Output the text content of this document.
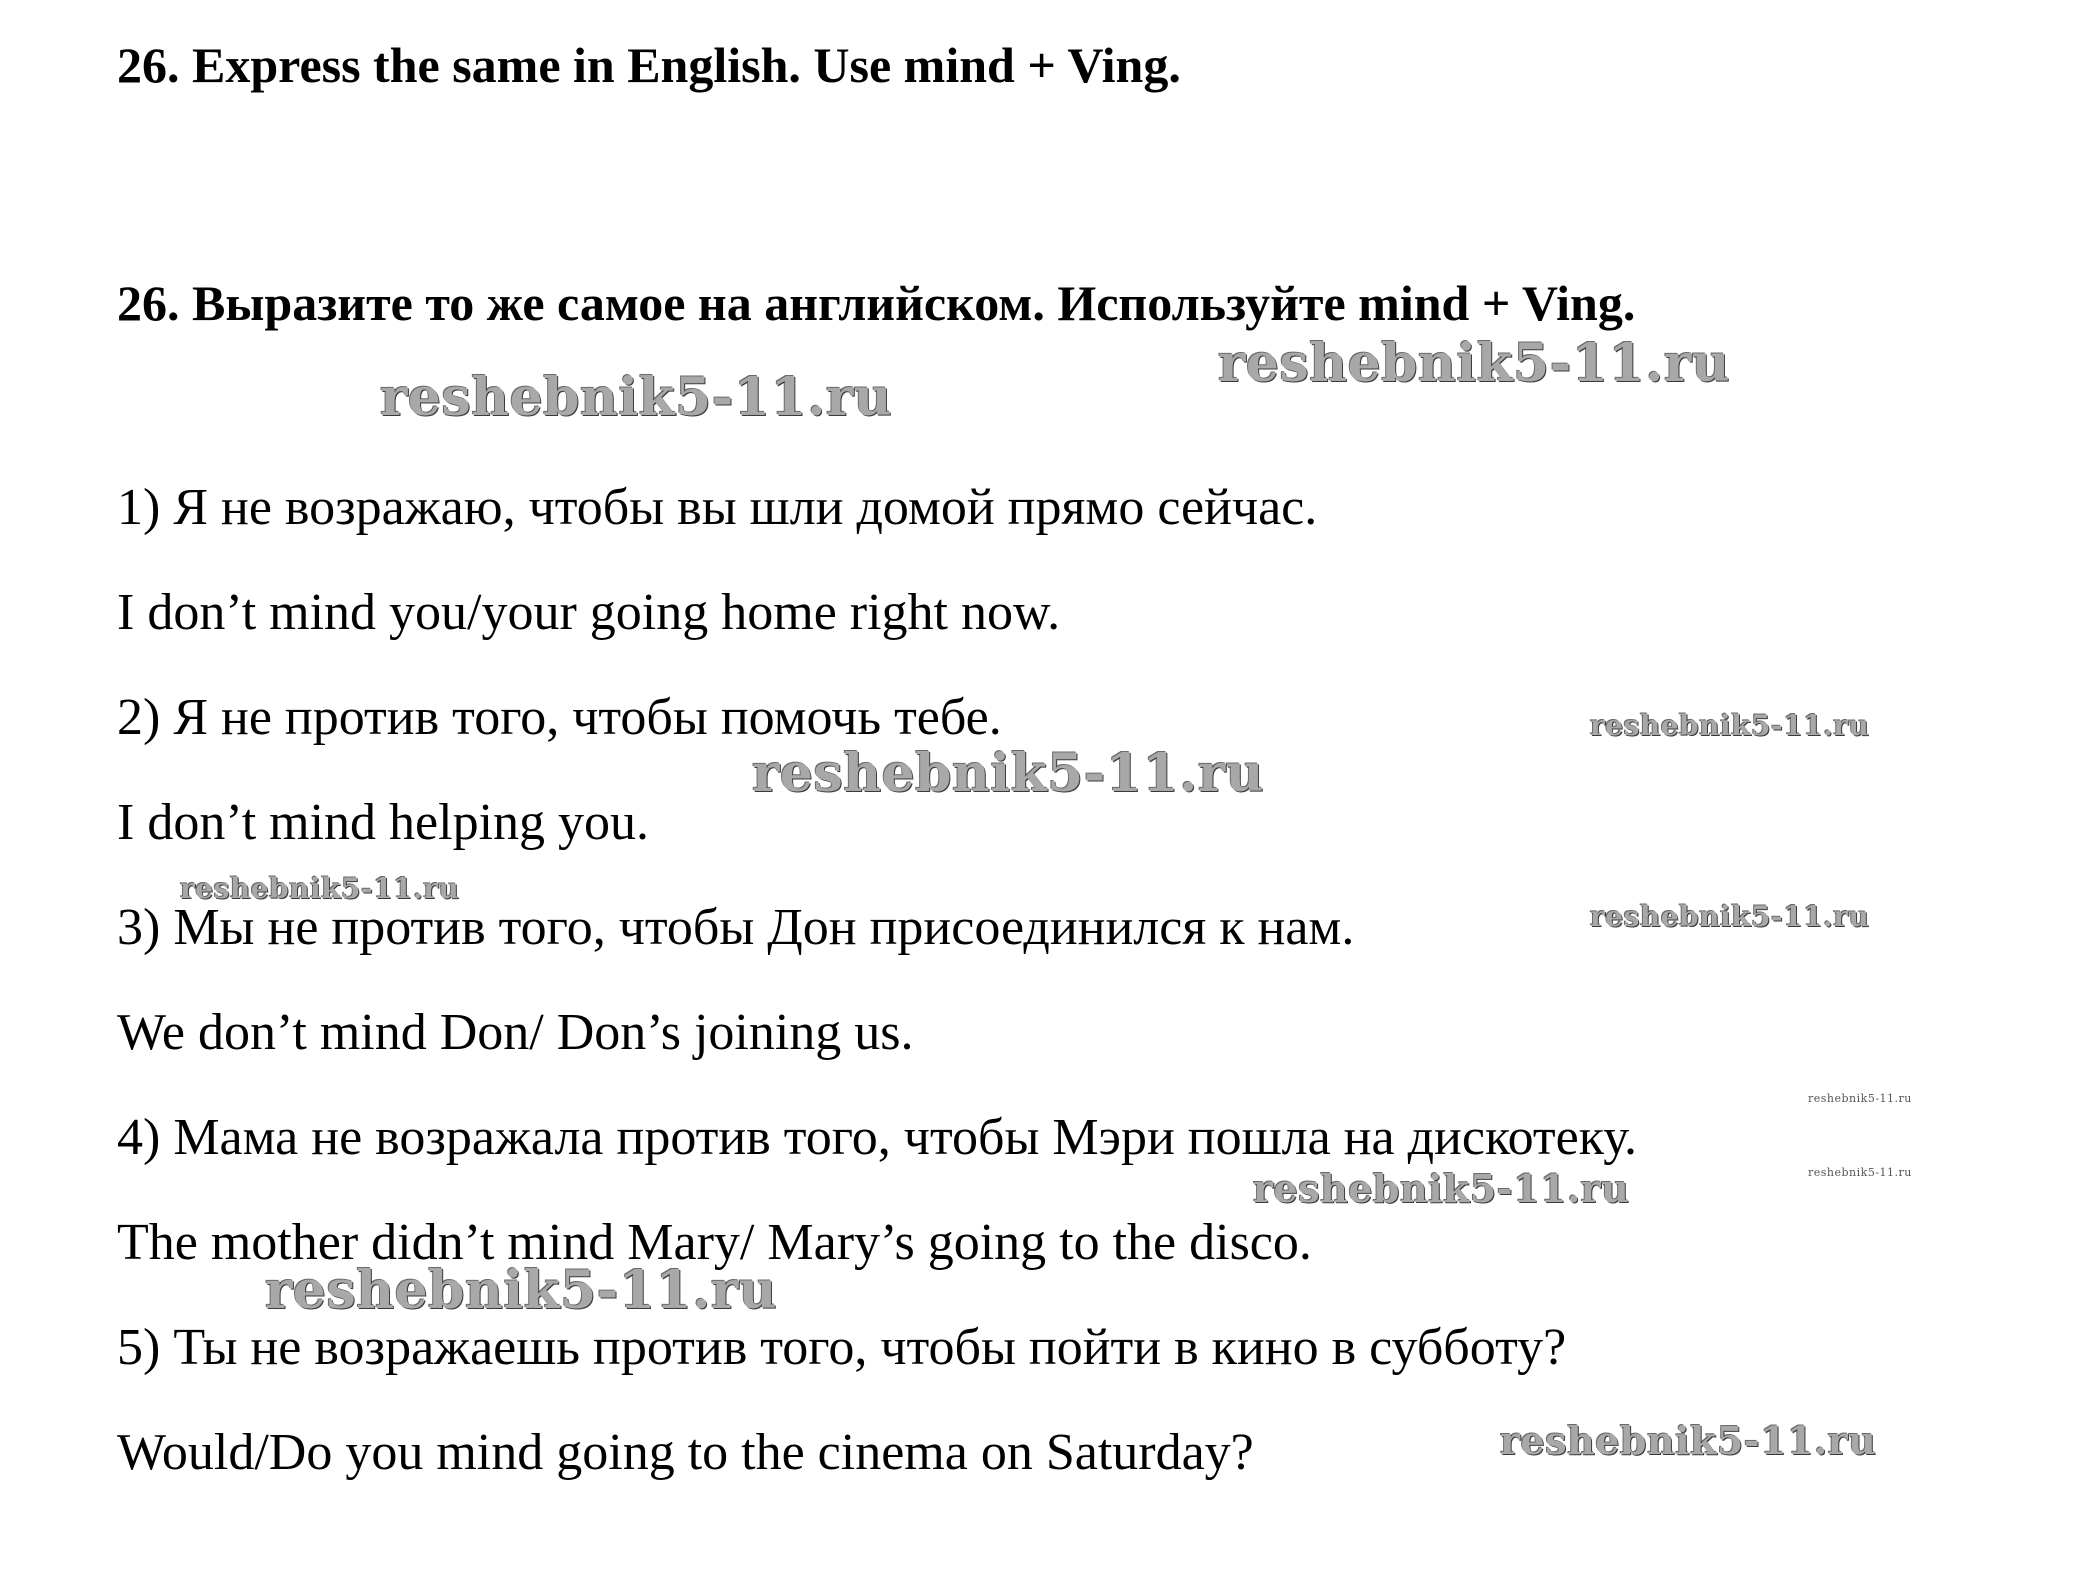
26. Express the same in English. Use mind + Ving.
26. Выразите то же самое на английском. Используйте mind + Ving.
1) Я не возражаю, чтобы вы шли домой прямо сейчас.
I don’t mind you/your going home right now.
2) Я не против того, чтобы помочь тебе.
I don’t mind helping you.
3) Мы не против того, чтобы Дон присоединился к нам.
We don’t mind Don/ Don’s joining us.
4) Мама не возражала против того, чтобы Мэри пошла на дискотеку.
The mother didn’t mind Mary/ Mary’s going to the disco.
5) Ты не возражаешь против того, чтобы пойти в кино в субботу?
Would/Do you mind going to the cinema on Saturday?
reshebnik5-11.ru
reshebnik5-11.ru
reshebnik5-11.ru
reshebnik5-11.ru
reshebnik5-11.ru
reshebnik5-11.ru
reshebnik5-11.ru
reshebnik5-11.ru
reshebnik5-11.ru
reshebnik5-11.ru
reshebnik5-11.ru
